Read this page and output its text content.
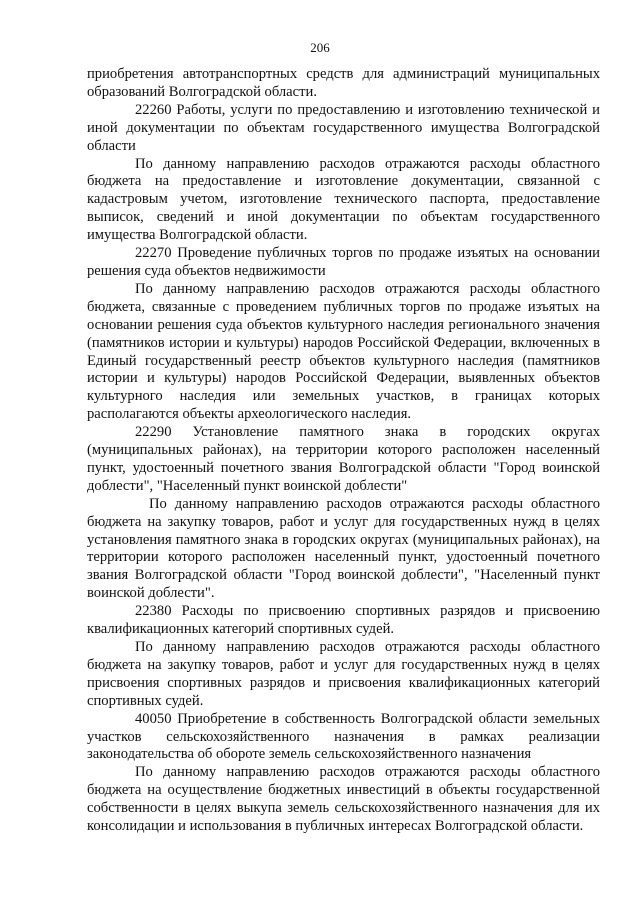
206

приобретения автотранспортных средств для администраций муниципальных образований Волгоградской области.

22260 Работы, услуги по предоставлению и изготовлению технической и иной документации по объектам государственного имущества Волгоградской области

По данному направлению расходов отражаются расходы областного бюджета на предоставление и изготовление документации, связанной с кадастровым учетом, изготовление технического паспорта, предоставление выписок, сведений и иной документации по объектам государственного имущества Волгоградской области.

22270 Проведение публичных торгов по продаже изъятых на основании решения суда объектов недвижимости

По данному направлению расходов отражаются расходы областного бюджета, связанные с проведением публичных торгов по продаже изъятых на основании решения суда объектов культурного наследия регионального значения (памятников истории и культуры) народов Российской Федерации, включенных в Единый государственный реестр объектов культурного наследия (памятников истории и культуры) народов Российской Федерации, выявленных объектов культурного наследия или земельных участков, в границах которых располагаются объекты археологического наследия.

22290 Установление памятного знака в городских округах (муниципальных районах), на территории которого расположен населенный пункт, удостоенный почетного звания Волгоградской области "Город воинской доблести", "Населенный пункт воинской доблести"

По данному направлению расходов отражаются расходы областного бюджета на закупку товаров, работ и услуг для государственных нужд в целях установления памятного знака в городских округах (муниципальных районах), на территории которого расположен населенный пункт, удостоенный почетного звания Волгоградской области "Город воинской доблести", "Населенный пункт воинской доблести".

22380 Расходы по присвоению спортивных разрядов и присвоению квалификационных категорий спортивных судей.

По данному направлению расходов отражаются расходы областного бюджета на закупку товаров, работ и услуг для государственных нужд в целях присвоения спортивных разрядов и присвоения квалификационных категорий спортивных судей.

40050 Приобретение в собственность Волгоградской области земельных участков сельскохозяйственного назначения в рамках реализации законодательства об обороте земель сельскохозяйственного назначения

По данному направлению расходов отражаются расходы областного бюджета на осуществление бюджетных инвестиций в объекты государственной собственности в целях выкупа земель сельскохозяйственного назначения для их консолидации и использования в публичных интересах Волгоградской области.
